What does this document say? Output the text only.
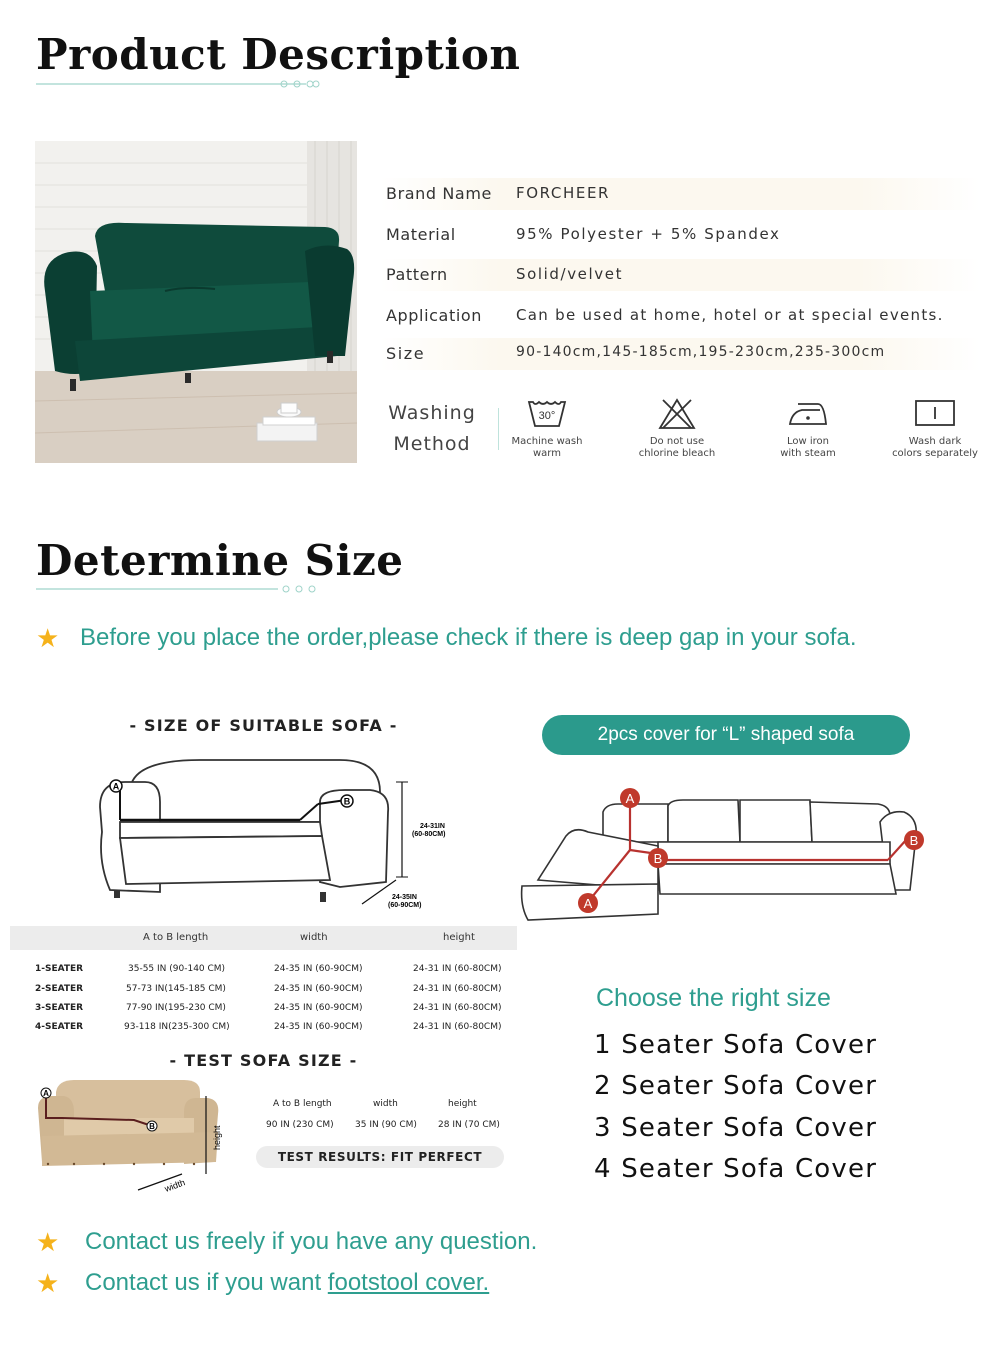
Product Description
Brand Name FORCHEER
Material	95% Polyester + 5% Spandex
Pattern	Solid/velvet
Application Can be used at home, hotel or at special events.
Size	90-140cm,145-185cm,195-230cm,235-300cm
Washing
Method
30°
Machine wash
warm
Do not use
chlorine bleach
Low iron
with steam
Wash dark
colors separately
Determine Size
★ Before you place the order,please check if there is deep gap in your sofa.
- SIZE OF SUITABLE SOFA -
A
B
24-31IN
(60-80CM)
24-35IN
(60-90CM)
A to B length	width	height
1-SEATER	35-55 IN (90-140 CM)	24-35 IN (60-90CM)	24-31 IN (60-80CM)
2-SEATER	57-73 IN(145-185 CM)	24-35 IN (60-90CM)	24-31 IN (60-80CM)
3-SEATER	77-90 IN(195-230 CM)	24-35 IN (60-90CM)	24-31 IN (60-80CM)
4-SEATER	93-118 IN(235-300 CM)	24-35 IN (60-90CM)	24-31 IN (60-80CM)
- TEST SOFA SIZE -
A
B	height
width
A to B length	width	height
90 IN (230 CM) 35 IN (90 CM) 28 IN (70 CM)
TEST RESULTS: FIT PERFECT
2pcs cover for “L” shaped sofa
A
B
B
A
Choose the right size
1 Seater Sofa Cover
2 Seater Sofa Cover
3 Seater Sofa Cover
4 Seater Sofa Cover
★ Contact us freely if you have any question.
★ Contact us if you want footstool cover.
